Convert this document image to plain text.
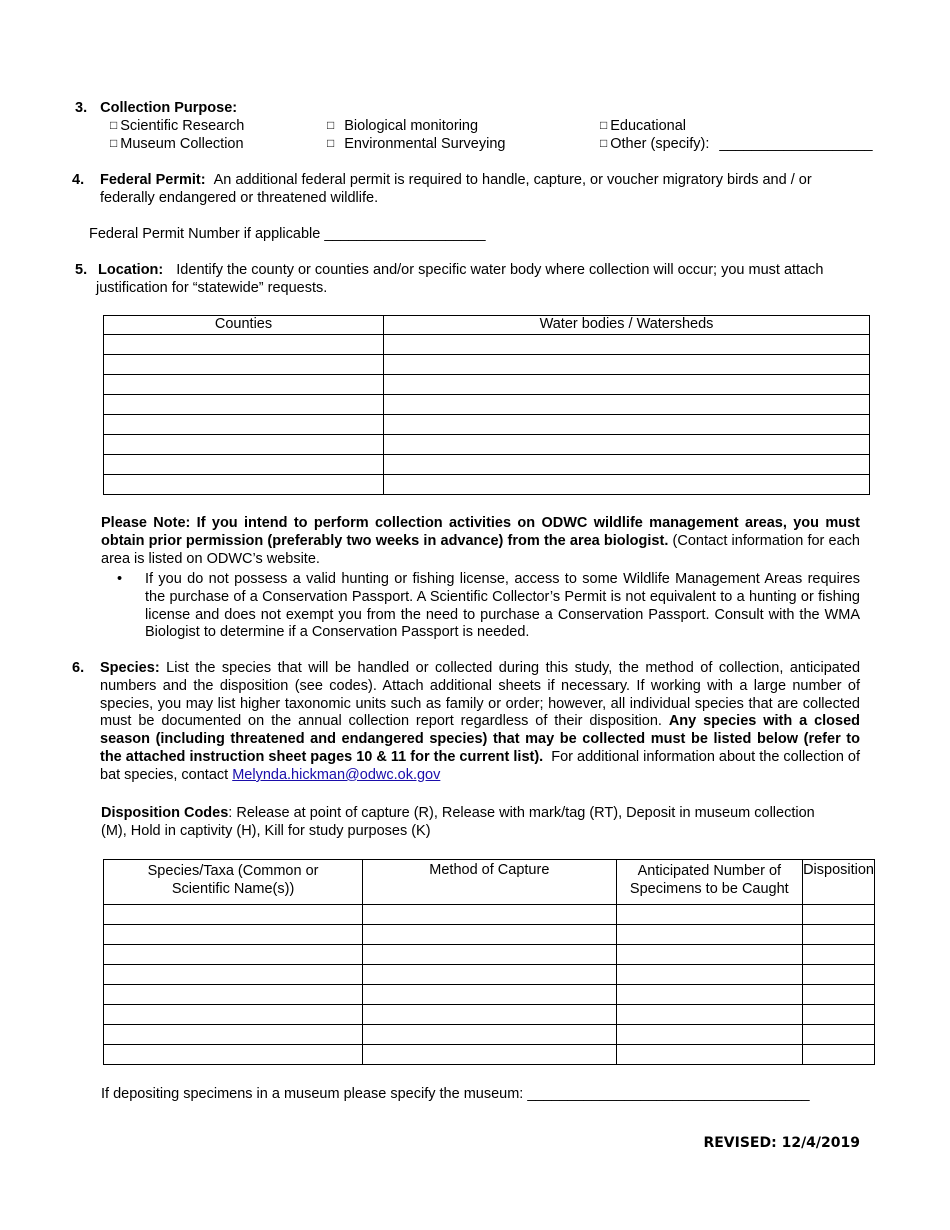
3. Collection Purpose:
□ Scientific Research	□ Biological monitoring	□ Educational
□ Museum Collection	□ Environmental Surveying	□ Other (specify): ___________________
4. Federal Permit: An additional federal permit is required to handle, capture, or voucher migratory birds and / or federally endangered or threatened wildlife.
Federal Permit Number if applicable ____________________
5. Location: Identify the county or counties and/or specific water body where collection will occur; you must attach justification for “statewide” requests.
Counties	Water bodies / Watersheds

Please Note: If you intend to perform collection activities on ODWC wildlife management areas, you must obtain prior permission (preferably two weeks in advance) from the area biologist. (Contact information for each area is listed on ODWC’s website.
• If you do not possess a valid hunting or fishing license, access to some Wildlife Management Areas requires the purchase of a Conservation Passport. A Scientific Collector’s Permit is not equivalent to a hunting or fishing license and does not exempt you from the need to purchase a Conservation Passport. Consult with the WMA Biologist to determine if a Conservation Passport is needed.
6. Species: List the species that will be handled or collected during this study, the method of collection, anticipated numbers and the disposition (see codes). Attach additional sheets if necessary. If working with a large number of species, you may list higher taxonomic units such as family or order; however, all individual species that are collected must be documented on the annual collection report regardless of their disposition. Any species with a closed season (including threatened and endangered species) that may be collected must be listed below (refer to the attached instruction sheet pages 10 & 11 for the current list). For additional information about the collection of bat species, contact Melynda.hickman@odwc.ok.gov
Disposition Codes: Release at point of capture (R), Release with mark/tag (RT), Deposit in museum collection (M), Hold in captivity (H), Kill for study purposes (K)
Species/Taxa (Common or Scientific Name(s))	Method of Capture	Anticipated Number of Specimens to be Caught	Disposition

If depositing specimens in a museum please specify the museum: ___________________________________
REVISED: 12/4/2019
